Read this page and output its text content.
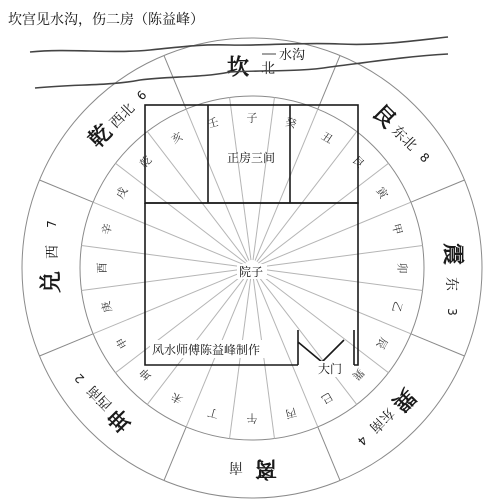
坎宫见水沟，伤二房（陈益峰）
子 癸
丑
艮
寅
甲
卯
乙
辰
巽
巳
丙
午
丁
未
坤
申
庚
酉
辛
戌
乾
亥
壬
坎 北
艮
东北
8
震
东
3
巽
东南
4
离
南
坤
西南
2
兑
西
7
乾
西北
6
水沟
正房三间
院子
大门
风水师傅陈益峰制作
